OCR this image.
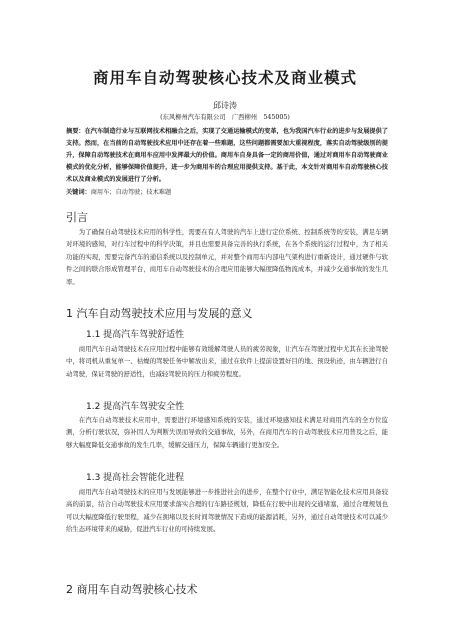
商用车自动驾驶核心技术及商业模式
邱诗涛
(东风柳州汽车有限公司　广西柳州　545005)
摘要：在汽车制造行业与互联网技术相融合之后，实现了交通运输模式的变革，也为我国汽车行业的进步与发展提供了支持。然而，在当前的自动驾驶技术应用中还存在着一些难题，这些问题都需要加大重视程度，落实自动驾驶级别的提升，保障自动驾驶技术在商用车应用中发挥最大的价值。商用车自身具备一定的商用价值，通过对商用车自动驾驶商业模式的优化分析，能够保障价值提升，进一步为商用车的合理应用提供支持。基于此，本文针对商用车自动驾驶核心技术以及商业模式的发展进行了分析。
关键词：商用车；自动驾驶；技术难题
引言
为了确保自动驾驶技术应用的科学性，需要在有人驾驶的汽车上进行定位系统、控制系统等的安装，满足车辆对环境的感知，对行车过程中的科学决策，并且也需要具备完善的执行系统，在各个系统的运行过程中，为了相关功能的实现，需要完备汽车的通信系统以及控制单元，并对整个商用车内部电气架构进行重新设计，通过硬件与软件之间的联合形成管理平台，商用车自动驾驶技术的合理应用能够大幅度降低物流成本，并减少交通事故的发生几率。
1 汽车自动驾驶技术应用与发展的意义
1.1 提高汽车驾驶舒适性
商用汽车自动驾驶技术在应用过程中能够有效缓解驾驶人员的疲劳现象，让汽车在驾驶过程中尤其在长途驾驶中，将司机从重复单一、枯燥的驾驶任务中解放出来，通过在软件上提前设置好目的地、预设轨迹，由车辆进行自动驾驶，保证驾驶的舒适性，也减轻驾驶员的压力和疲劳程度。
1.2 提高汽车驾驶安全性
在汽车自动驾驶技术应用中，需要进行环境感知系统的安装，通过环境感知技术满足对商用汽车的全方位监测，分析行驶状况，弥补因人为判断失误而导致的交通事故，另外，在商用汽车的自动驾驶技术应用普及之后，能够大幅度降低交通事故的发生几率，缓解交通压力，保障车辆通行更加安全。
1.3 提高社会智能化进程
商用汽车自动驾驶技术的应用与发展能够进一步推进社会的进步，在整个行业中，满足智能化技术应用具备较高的前景，结合自动驾驶技术应用要求落实合理的行车路径规划，降低在行驶中出现的交通堵塞，通过合理规划也可以大幅度降低行驶里程，减少在拥堵以及长时间驾驶情况下造成的能源消耗，另外，通过自动驾驶技术可以减少给生态环境带来的威胁，促进汽车行业的可持续发展。
2 商用车自动驾驶核心技术
